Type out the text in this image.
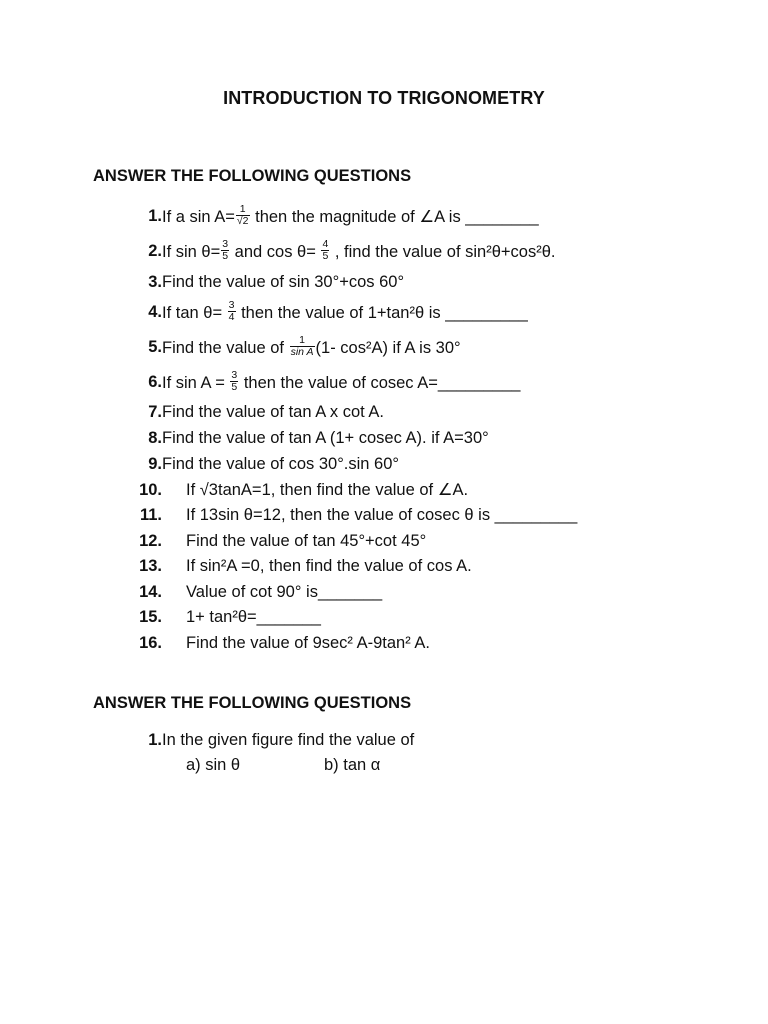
INTRODUCTION TO TRIGONOMETRY
ANSWER THE FOLLOWING QUESTIONS
1. If a $\sin A= \frac{1}{√2}$ then the magnitude of ∠A is ________
2. If $\sin \theta= \frac{3}{5}$ and $\cos \theta= \frac{4}{5}$ , find the value of sin²θ+cos²θ.
3. Find the value of sin 30°+cos 60°
4. If $\tan \theta= \frac{3}{4}$ then the value of 1+tan²θ is _________
5. Find the value of $\frac{1}{\text{sin A}} (1-$ cos²A) if A is 30°
6. If $\sin A = \frac{3}{5}$ then the value of cosec A=_________
7. Find the value of tan A x cot A.
8. Find the value of tan A (1+ cosec A). if A=30°
9. Find the value of cos 30°.sin 60°
10. If √3tanA=1, then find the value of ∠A.
11. If 13sin θ=12, then the value of cosec θ is _________
12. Find the value of tan 45°+cot 45°
13. If sin²A =0, then find the value of cos A.
14. Value of cot 90° is_______
15. 1+ tan²θ=_______
16. Find the value of 9sec² A-9tan² A.
ANSWER THE FOLLOWING QUESTIONS
1. In the given figure find the value of
a) sin θ	b) tan α
